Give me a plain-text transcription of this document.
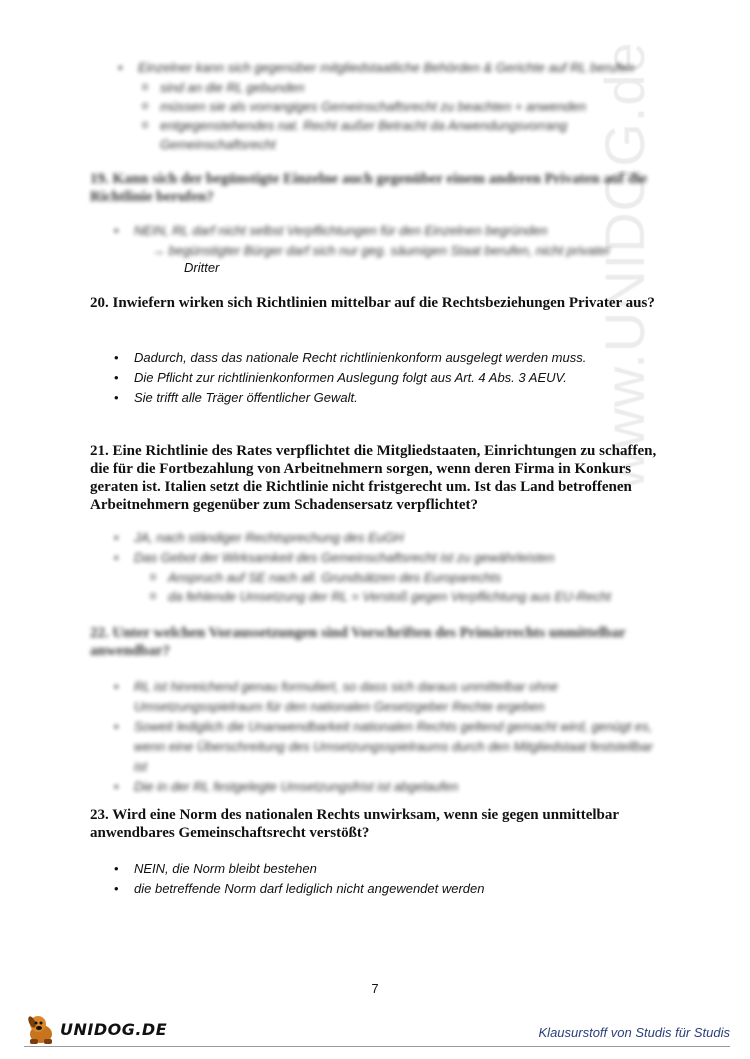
www.UNIDOG.de
• Einzelner kann sich gegenüber mitgliedstaatliche Behörden & Gerichte auf RL berufen
o sind an die RL gebunden
o müssen sie als vorrangiges Gemeinschaftsrecht zu beachten + anwenden
o entgegenstehendes nat. Recht außer Betracht da Anwendungsvorrang Gemeinschaftsrecht

19. Kann sich der begünstigte Einzelne auch gegenüber einem anderen Privaten auf die Richtlinie berufen?

• NEIN, RL darf nicht selbst Verpflichtungen für den Einzelnen begründen
→ begünstigter Bürger darf sich nur geg. säumigen Staat berufen, nicht privater
Dritter

20. Inwiefern wirken sich Richtlinien mittelbar auf die Rechtsbeziehungen Privater aus?

• Dadurch, dass das nationale Recht richtlinienkonform ausgelegt werden muss.
• Die Pflicht zur richtlinienkonformen Auslegung folgt aus Art. 4 Abs. 3 AEUV.
• Sie trifft alle Träger öffentlicher Gewalt.

21. Eine Richtlinie des Rates verpflichtet die Mitgliedstaaten, Einrichtungen zu schaffen, die für die Fortbezahlung von Arbeitnehmern sorgen, wenn deren Firma in Konkurs geraten ist. Italien setzt die Richtlinie nicht fristgerecht um. Ist das Land betroffenen Arbeitnehmern gegenüber zum Schadensersatz verpflichtet?

• JA, nach ständiger Rechtsprechung des EuGH
• Das Gebot der Wirksamkeit des Gemeinschaftsrecht ist zu gewährleisten
o Anspruch auf SE nach all. Grundsätzen des Europarechts
o da fehlende Umsetzung der RL = Verstoß gegen Verpflichtung aus EU-Recht

22. Unter welchen Voraussetzungen sind Vorschriften des Primärrechts unmittelbar anwendbar?

• RL ist hinreichend genau formuliert, so dass sich daraus unmittelbar ohne Umsetzungsspielraum für den nationalen Gesetzgeber Rechte ergeben
• Soweit lediglich die Unanwendbarkeit nationalen Rechts geltend gemacht wird, genügt es, wenn eine Überschreitung des Umsetzungsspielraums durch den Mitgliedstaat feststellbar ist
• Die in der RL festgelegte Umsetzungsfrist ist abgelaufen

23. Wird eine Norm des nationalen Rechts unwirksam, wenn sie gegen unmittelbar anwendbares Gemeinschaftsrecht verstößt?

• NEIN, die Norm bleibt bestehen
• die betreffende Norm darf lediglich nicht angewendet werden
7
UNIDOG.DE	Klausurstoff von Studis für Studis
